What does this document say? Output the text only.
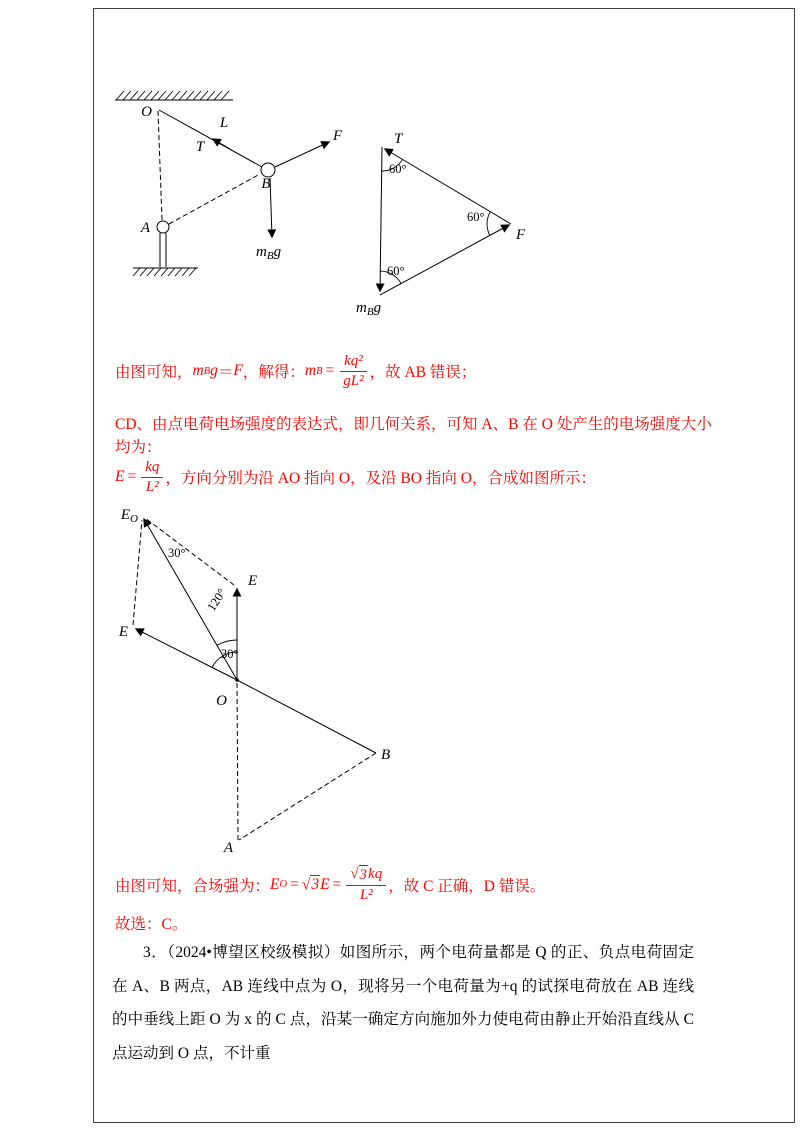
O
L
T
F
B
A
$m_Bg$
T
F
$m_Bg$
60°
60°
60°
由图可知， m B g ＝ F ，解得： m $B = \frac{\text{kq²}}{\text{gL²}}$ ，故 AB 错误；
CD、由点电荷电场强度的表达式，即几何关系，可知 A、B 在 O 处产生的电场强度大小均为：
$E = \frac{kq}{\text{L²}}$ ，方向分别为沿 AO 指向 O，及沿 BO 指向 O，合成如图所示：
$E_O$
30°
E
120°
E
30°
O
B
A
由图可知，合场强为： E O = √ 3 $E = \frac{√ 3 kq}{\text{L²}}$ ，故 C 正确，D 错误。
故选：C。

3．（2024•博望区校级模拟）如图所示，两个电荷量都是 Q 的正、负点电荷固定在 A、B 两点，AB 连线中点为 O，现将另一个电荷量为+q 的试探电荷放在 AB 连线的中垂线上距 O 为 x 的 C 点，沿某一确定方向施加外力使电荷由静止开始沿直线从 C 点运动到 O 点，不计重
